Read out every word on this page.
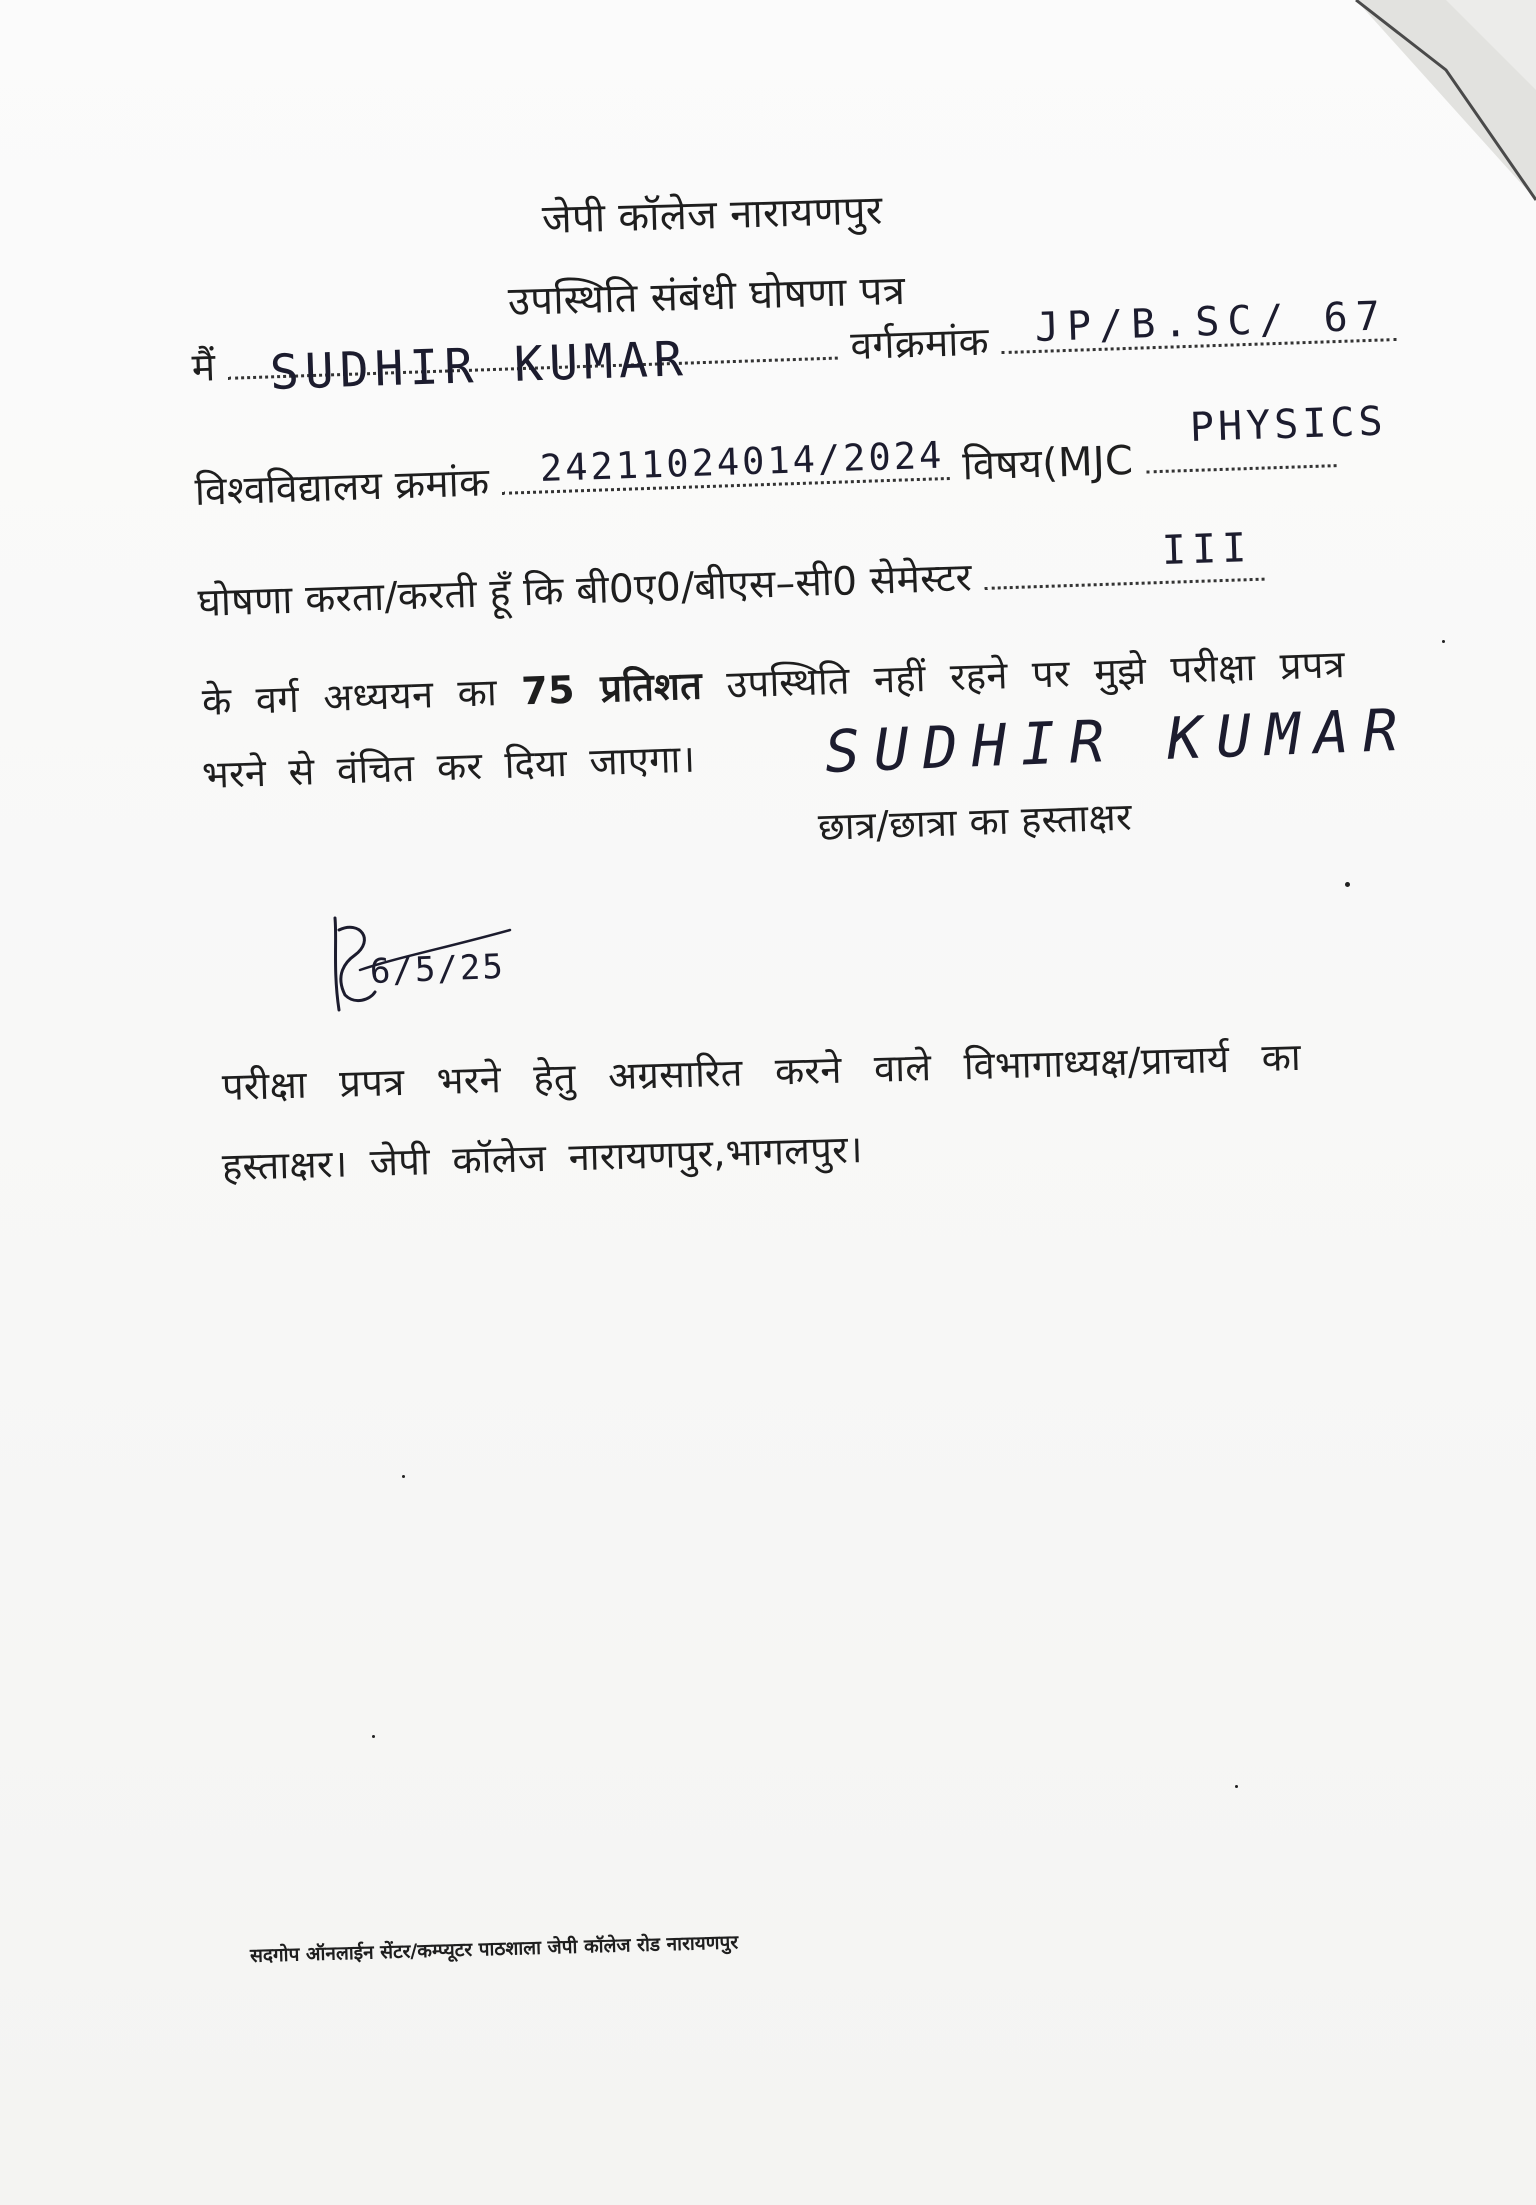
जेपी कॉलेज नारायणपुर
उपस्थिति संबंधी घोषणा पत्र
मैं	वर्गक्रमांक
SUDHIR KUMAR
JP/B.SC/ 67
विश्वविद्यालय क्रमांक	विषय(MJC
24211024014/2024
PHYSICS
घोषणा करता/करती हूँ कि बी0ए0/बीएस–सी0 सेमेस्टर
III
के वर्ग अध्ययन का 75 प्रतिशत उपस्थिति नहीं रहने पर मुझे परीक्षा प्रपत्र
भरने से वंचित कर दिया जाएगा। SUDHIR KUMAR
छात्र/छात्रा का हस्ताक्षर
6/5/25
परीक्षा प्रपत्र भरने हेतु अग्रसारित करने वाले विभागाध्यक्ष/प्राचार्य का
हस्ताक्षर। जेपी कॉलेज नारायणपुर,भागलपुर।
सदगोप ऑनलाईन सेंटर/कम्प्यूटर पाठशाला जेपी कॉलेज रोड नारायणपुर
